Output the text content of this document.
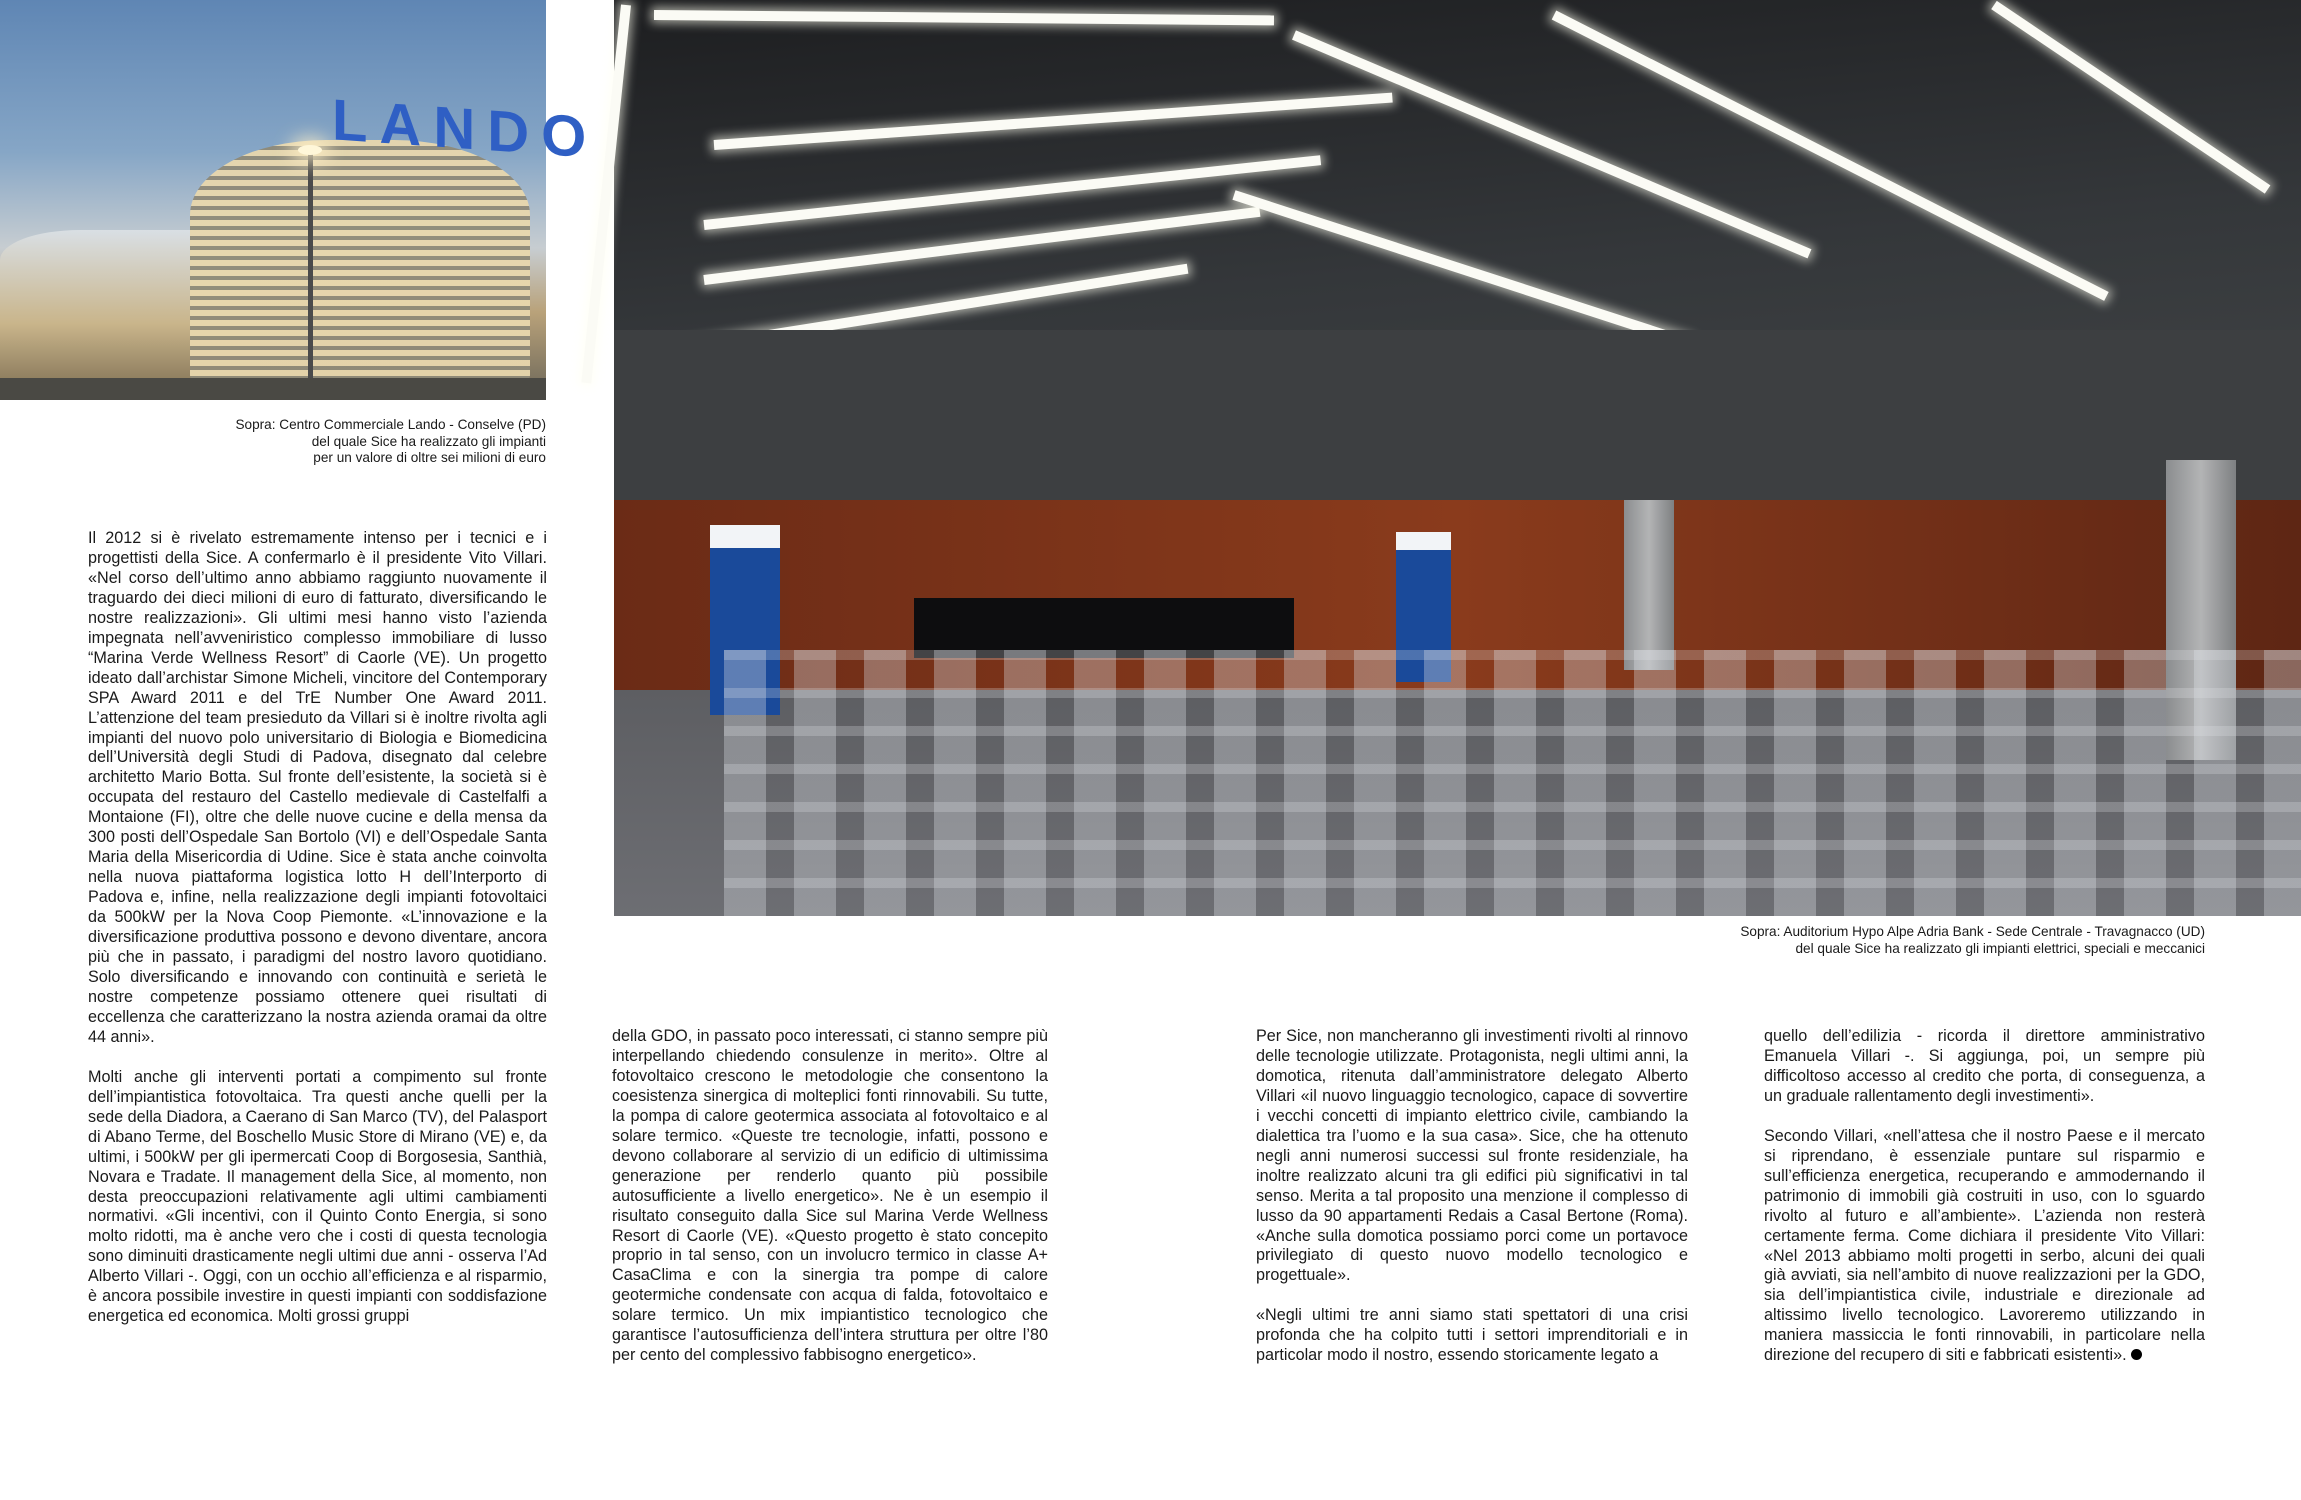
LANDO
Sopra: Centro Commerciale Lando - Conselve (PD)
del quale Sice ha realizzato gli impianti
per un valore di oltre sei milioni di euro
Sopra: Auditorium Hypo Alpe Adria Bank - Sede Centrale - Travagnacco (UD)
del quale Sice ha realizzato gli impianti elettrici, speciali e meccanici

Il 2012 si è rivelato estremamente intenso per i tecnici e i progettisti della Sice. A confermarlo è il presidente Vito Villari. «Nel corso dell’ultimo anno abbiamo raggiunto nuovamente il traguardo dei dieci milioni di euro di fatturato, diversificando le nostre realizzazioni». Gli ultimi mesi hanno visto l’azienda impegnata nell’avveniristico complesso immobiliare di lusso “Marina Verde Wellness Resort” di Caorle (VE). Un progetto ideato dall’archistar Simone Micheli, vincitore del Contemporary SPA Award 2011 e del TrE Number One Award 2011. L’attenzione del team presieduto da Villari si è inoltre rivolta agli impianti del nuovo polo universitario di Biologia e Biomedicina dell’Università degli Studi di Padova, disegnato dal celebre architetto Mario Botta. Sul fronte dell’esistente, la società si è occupata del restauro del Castello medievale di Castelfalfi a Montaione (FI), oltre che delle nuove cucine e della mensa da 300 posti dell’Ospedale San Bortolo (VI) e dell’Ospedale Santa Maria della Misericordia di Udine. Sice è stata anche coinvolta nella nuova piattaforma logistica lotto H dell’Interporto di Padova e, infine, nella realizzazione degli impianti fotovoltaici da 500kW per la Nova Coop Piemonte. «L’innovazione e la diversificazione produttiva possono e devono diventare, ancora più che in passato, i paradigmi del nostro lavoro quotidiano. Solo diversificando e innovando con continuità e serietà le nostre competenze possiamo ottenere quei risultati di eccellenza che caratterizzano la nostra azienda oramai da oltre 44 anni».

Molti anche gli interventi portati a compimento sul fronte dell’impiantistica fotovoltaica. Tra questi anche quelli per la sede della Diadora, a Caerano di San Marco (TV), del Palasport di Abano Terme, del Boschello Music Store di Mirano (VE) e, da ultimi, i 500kW per gli ipermercati Coop di Borgosesia, Santhià, Novara e Tradate. Il management della Sice, al momento, non desta preoccupazioni relativamente agli ultimi cambiamenti normativi. «Gli incentivi, con il Quinto Conto Energia, si sono molto ridotti, ma è anche vero che i costi di questa tecnologia sono diminuiti drasticamente negli ultimi due anni - osserva l’Ad Alberto Villari -. Oggi, con un occhio all’efficienza e al risparmio, è ancora possibile investire in questi impianti con soddisfazione energetica ed economica. Molti grossi gruppi

della GDO, in passato poco interessati, ci stanno sempre più interpellando chiedendo consulenze in merito». Oltre al fotovoltaico crescono le metodologie che consentono la coesistenza sinergica di molteplici fonti rinnovabili. Su tutte, la pompa di calore geotermica associata al fotovoltaico e al solare termico. «Queste tre tecnologie, infatti, possono e devono collaborare al servizio di un edificio di ultimissima generazione per renderlo quanto più possibile autosufficiente a livello energetico». Ne è un esempio il risultato conseguito dalla Sice sul Marina Verde Wellness Resort di Caorle (VE). «Questo progetto è stato concepito proprio in tal senso, con un involucro termico in classe A+ CasaClima e con la sinergia tra pompe di calore geotermiche condensate con acqua di falda, fotovoltaico e solare termico. Un mix impiantistico tecnologico che garantisce l’autosufficienza dell’intera struttura per oltre l’80 per cento del complessivo fabbisogno energetico».

Per Sice, non mancheranno gli investimenti rivolti al rinnovo delle tecnologie utilizzate. Protagonista, negli ultimi anni, la domotica, ritenuta dall’amministratore delegato Alberto Villari «il nuovo linguaggio tecnologico, capace di sovvertire i vecchi concetti di impianto elettrico civile, cambiando la dialettica tra l’uomo e la sua casa». Sice, che ha ottenuto negli anni numerosi successi sul fronte residenziale, ha inoltre realizzato alcuni tra gli edifici più significativi in tal senso. Merita a tal proposito una menzione il complesso di lusso da 90 appartamenti Redais a Casal Bertone (Roma). «Anche sulla domotica possiamo porci come un portavoce privilegiato di questo nuovo modello tecnologico e progettuale».

«Negli ultimi tre anni siamo stati spettatori di una crisi profonda che ha colpito tutti i settori imprenditoriali e in particolar modo il nostro, essendo storicamente legato a

quello dell’edilizia - ricorda il direttore amministrativo Emanuela Villari -. Si aggiunga, poi, un sempre più difficoltoso accesso al credito che porta, di conseguenza, a un graduale rallentamento degli investimenti».

Secondo Villari, «nell’attesa che il nostro Paese e il mercato si riprendano, è essenziale puntare sul risparmio e sull’efficienza energetica, recuperando e ammodernando il patrimonio di immobili già costruiti in uso, con lo sguardo rivolto al futuro e all’ambiente». L’azienda non resterà certamente ferma. Come dichiara il presidente Vito Villari: «Nel 2013 abbiamo molti progetti in serbo, alcuni dei quali già avviati, sia nell’ambito di nuove realizzazioni per la GDO, sia dell’impiantistica civile, industriale e direzionale ad altissimo livello tecnologico. Lavoreremo utilizzando in maniera massiccia le fonti rinnovabili, in particolare nella direzione del recupero di siti e fabbricati esistenti».
